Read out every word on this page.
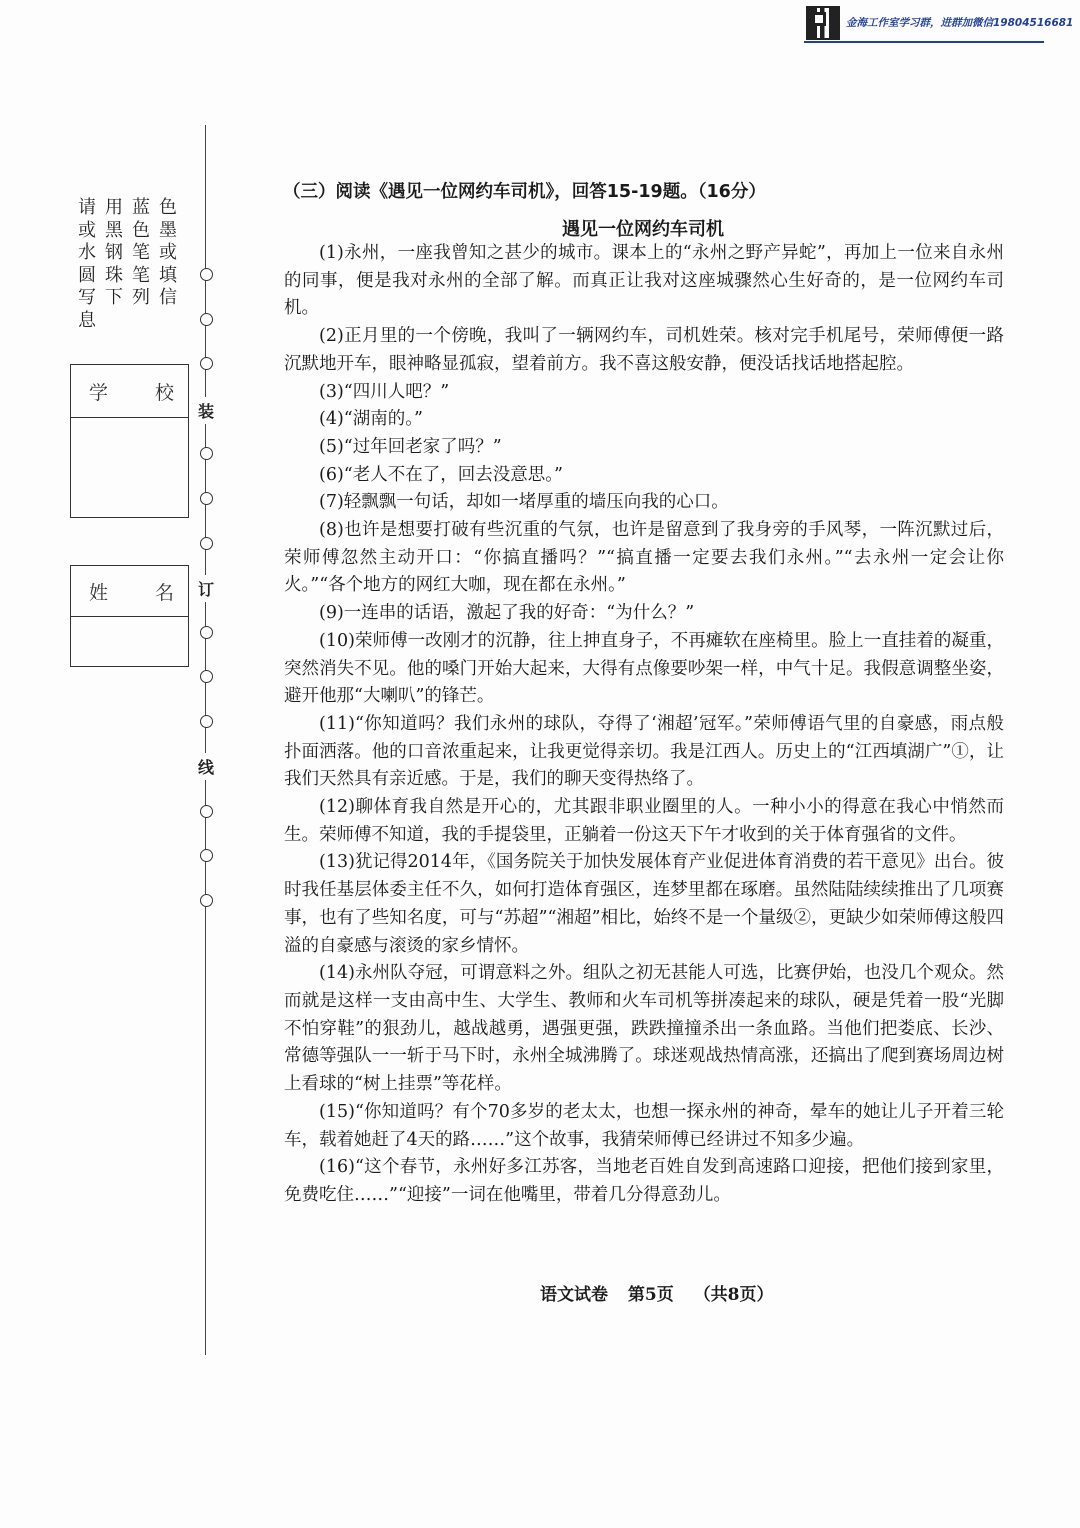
金海工作室学习群，进群加微信19804516681
请用蓝色或黑色墨水钢笔或圆珠笔填写下列信息
学 校
姓 名
装
订
线
（三）阅读《遇见一位网约车司机》，回答15-19题。（16分）
遇见一位网约车司机

(1)永州，一座我曾知之甚少的城市。课本上的“永州之野产异蛇”，再加上一位来自永州的同事，便是我对永州的全部了解。而真正让我对这座城骤然心生好奇的，是一位网约车司机。

(2)正月里的一个傍晚，我叫了一辆网约车，司机姓荣。核对完手机尾号，荣师傅便一路沉默地开车，眼神略显孤寂，望着前方。我不喜这般安静，便没话找话地搭起腔。

(3)“四川人吧？”

(4)“湖南的。”

(5)“过年回老家了吗？”

(6)“老人不在了，回去没意思。”

(7)轻飘飘一句话，却如一堵厚重的墙压向我的心口。

(8)也许是想要打破有些沉重的气氛，也许是留意到了我身旁的手风琴，一阵沉默过后，荣师傅忽然主动开口：“你搞直播吗？”“搞直播一定要去我们永州。”“去永州一定会让你火。”“各个地方的网红大咖，现在都在永州。”

(9)一连串的话语，激起了我的好奇：“为什么？”

(10)荣师傅一改刚才的沉静，往上抻直身子，不再瘫软在座椅里。脸上一直挂着的凝重，突然消失不见。他的嗓门开始大起来，大得有点像要吵架一样，中气十足。我假意调整坐姿，避开他那“大喇叭”的锋芒。

(11)“你知道吗？我们永州的球队，夺得了‘湘超’冠军。”荣师傅语气里的自豪感，雨点般扑面洒落。他的口音浓重起来，让我更觉得亲切。我是江西人。历史上的“江西填湖广”①，让我们天然具有亲近感。于是，我们的聊天变得热络了。

(12)聊体育我自然是开心的，尤其跟非职业圈里的人。一种小小的得意在我心中悄然而生。荣师傅不知道，我的手提袋里，正躺着一份这天下午才收到的关于体育强省的文件。

(13)犹记得2014年，《国务院关于加快发展体育产业促进体育消费的若干意见》出台。彼时我任基层体委主任不久，如何打造体育强区，连梦里都在琢磨。虽然陆陆续续推出了几项赛事，也有了些知名度，可与“苏超”“湘超”相比，始终不是一个量级②，更缺少如荣师傅这般四溢的自豪感与滚烫的家乡情怀。

(14)永州队夺冠，可谓意料之外。组队之初无甚能人可选，比赛伊始，也没几个观众。然而就是这样一支由高中生、大学生、教师和火车司机等拼凑起来的球队，硬是凭着一股“光脚不怕穿鞋”的狠劲儿，越战越勇，遇强更强，跌跌撞撞杀出一条血路。当他们把娄底、长沙、常德等强队一一斩于马下时，永州全城沸腾了。球迷观战热情高涨，还搞出了爬到赛场周边树上看球的“树上挂票”等花样。

(15)“你知道吗？有个70多岁的老太太，也想一探永州的神奇，晕车的她让儿子开着三轮车，载着她赶了4天的路……”这个故事，我猜荣师傅已经讲过不知多少遍。

(16)“这个春节，永州好多江苏客，当地老百姓自发到高速路口迎接，把他们接到家里，免费吃住……”“迎接”一词在他嘴里，带着几分得意劲儿。

语文试卷 第5页 （共8页）
